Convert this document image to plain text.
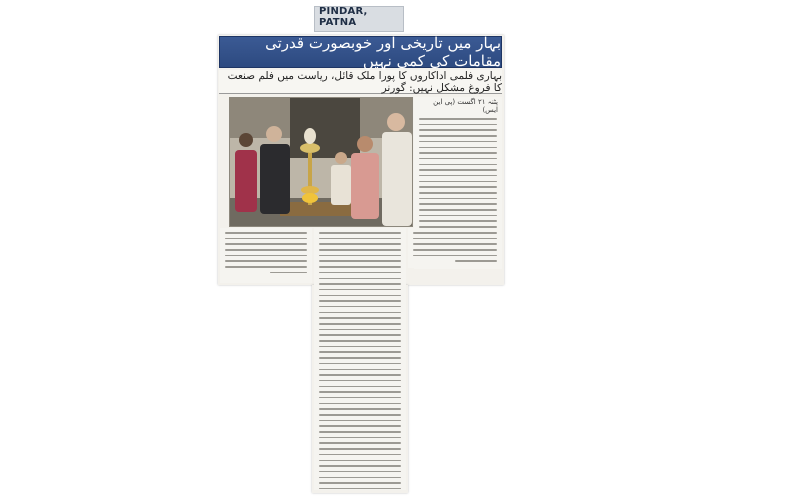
PINDAR, PATNA
بہار میں تاریخی اور خوبصورت قدرتی مقامات کی کمی نہیں
بہاری فلمی اداکاروں کا پورا ملک قائل، ریاست میں فلم صنعت کا فروغ مشکل نہیں: گورنر
پٹنہ ۲۱ اگست (پی این ایس)
